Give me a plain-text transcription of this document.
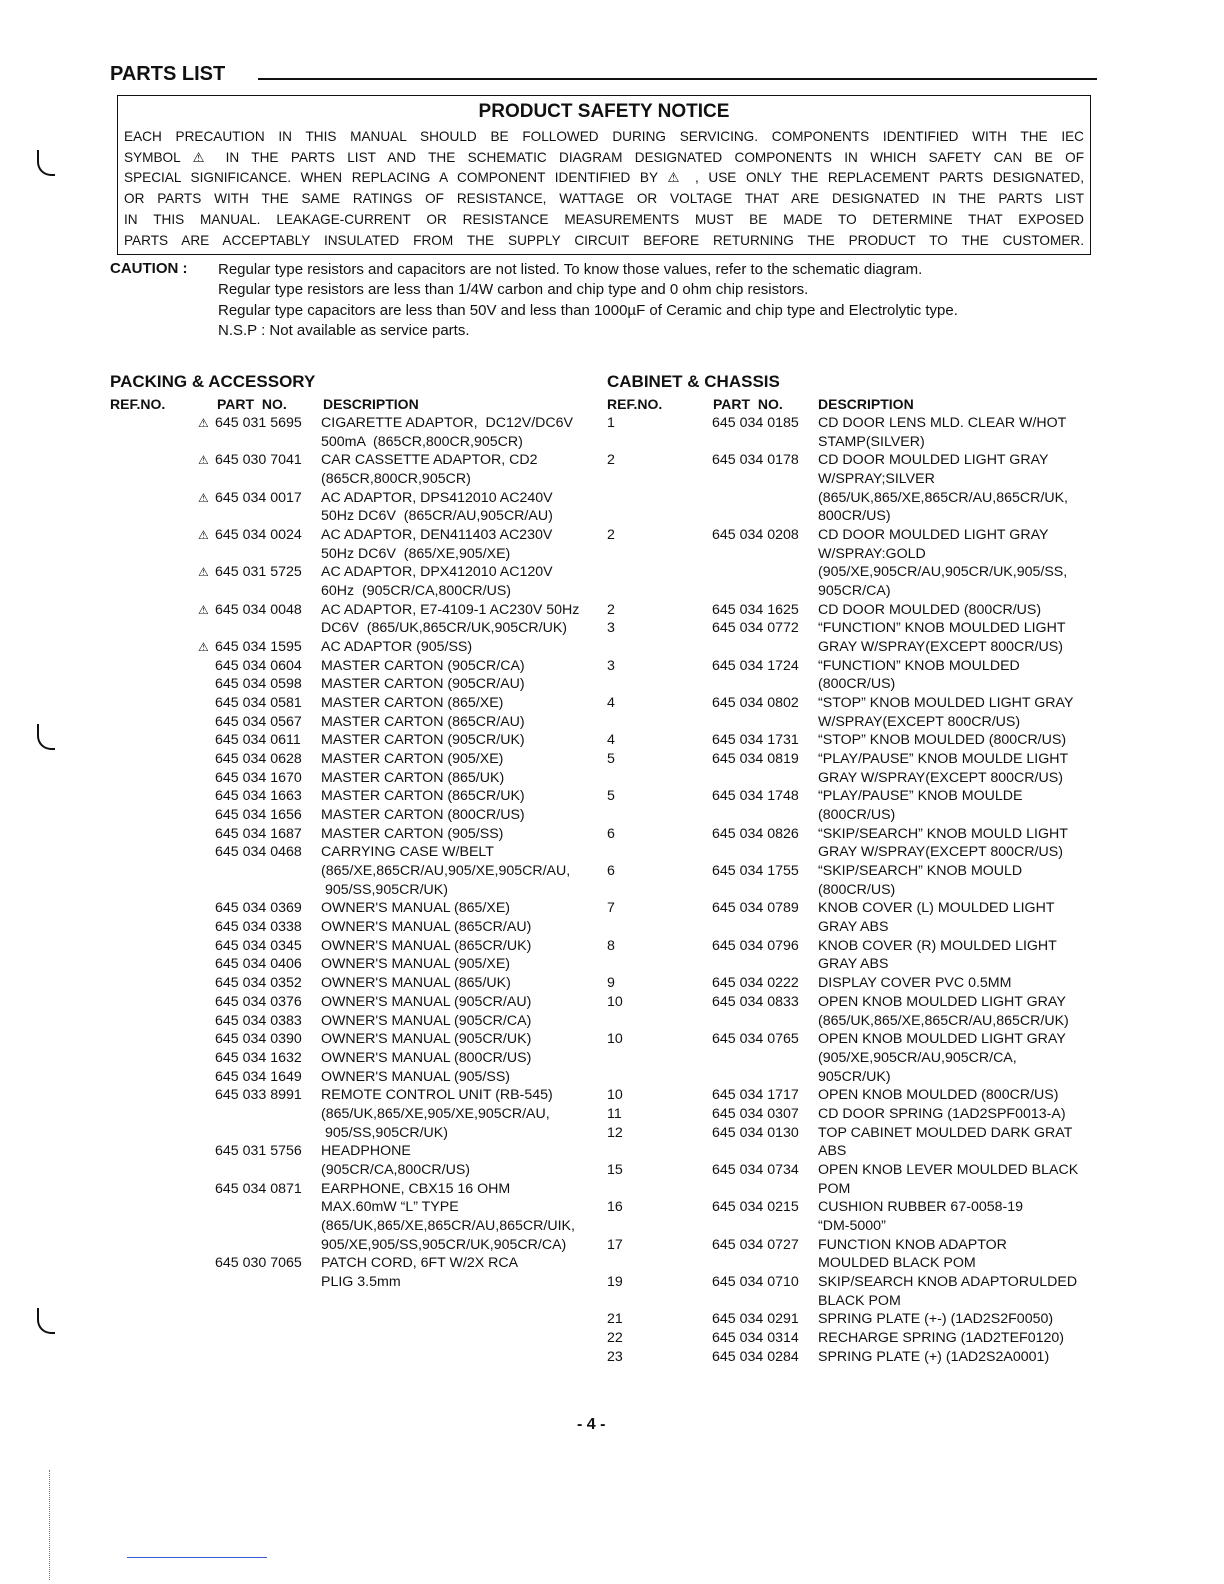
PARTS LIST
PRODUCT SAFETY NOTICE
EACH PRECAUTION IN THIS MANUAL SHOULD BE FOLLOWED DURING SERVICING. COMPONENTS IDENTIFIED WITH THE IEC
SYMBOL ⚠ IN THE PARTS LIST AND THE SCHEMATIC DIAGRAM DESIGNATED COMPONENTS IN WHICH SAFETY CAN BE OF
SPECIAL SIGNIFICANCE. WHEN REPLACING A COMPONENT IDENTIFIED BY ⚠ , USE ONLY THE REPLACEMENT PARTS DESIGNATED,
OR PARTS WITH THE SAME RATINGS OF RESISTANCE, WATTAGE OR VOLTAGE THAT ARE DESIGNATED IN THE PARTS LIST
IN THIS MANUAL. LEAKAGE-CURRENT OR RESISTANCE MEASUREMENTS MUST BE MADE TO DETERMINE THAT EXPOSED
PARTS ARE ACCEPTABLY INSULATED FROM THE SUPPLY CIRCUIT BEFORE RETURNING THE PRODUCT TO THE CUSTOMER.
CAUTION : Regular type resistors and capacitors are not listed. To know those values, refer to the schematic diagram.
Regular type resistors are less than 1/4W carbon and chip type and 0 ohm chip resistors.
Regular type capacitors are less than 50V and less than 1000µF of Ceramic and chip type and Electrolytic type.
N.S.P : Not available as service parts.
PACKING & ACCESSORY
REF.NO.	PART  NO.	DESCRIPTION
⚠ 645 031 5695 CIGARETTE ADAPTOR,  DC12V/DC6V
500mA  (865CR,800CR,905CR)
⚠ 645 030 7041 CAR CASSETTE ADAPTOR, CD2
(865CR,800CR,905CR)
⚠ 645 034 0017 AC ADAPTOR, DPS412010 AC240V
50Hz DC6V  (865CR/AU,905CR/AU)
⚠ 645 034 0024 AC ADAPTOR, DEN411403 AC230V
50Hz DC6V  (865/XE,905/XE)
⚠ 645 031 5725 AC ADAPTOR, DPX412010 AC120V
60Hz  (905CR/CA,800CR/US)
⚠ 645 034 0048 AC ADAPTOR, E7-4109-1 AC230V 50Hz
DC6V  (865/UK,865CR/UK,905CR/UK)
⚠ 645 034 1595 AC ADAPTOR (905/SS)
645 034 0604 MASTER CARTON (905CR/CA)
645 034 0598 MASTER CARTON (905CR/AU)
645 034 0581 MASTER CARTON (865/XE)
645 034 0567 MASTER CARTON (865CR/AU)
645 034 0611 MASTER CARTON (905CR/UK)
645 034 0628 MASTER CARTON (905/XE)
645 034 1670 MASTER CARTON (865/UK)
645 034 1663 MASTER CARTON (865CR/UK)
645 034 1656 MASTER CARTON (800CR/US)
645 034 1687 MASTER CARTON (905/SS)
645 034 0468 CARRYING CASE W/BELT
(865/XE,865CR/AU,905/XE,905CR/AU,
905/SS,905CR/UK)
645 034 0369 OWNER'S MANUAL (865/XE)
645 034 0338 OWNER'S MANUAL (865CR/AU)
645 034 0345 OWNER'S MANUAL (865CR/UK)
645 034 0406 OWNER'S MANUAL (905/XE)
645 034 0352 OWNER'S MANUAL (865/UK)
645 034 0376 OWNER'S MANUAL (905CR/AU)
645 034 0383 OWNER'S MANUAL (905CR/CA)
645 034 0390 OWNER'S MANUAL (905CR/UK)
645 034 1632 OWNER'S MANUAL (800CR/US)
645 034 1649 OWNER'S MANUAL (905/SS)
645 033 8991 REMOTE CONTROL UNIT (RB-545)
(865/UK,865/XE,905/XE,905CR/AU,
905/SS,905CR/UK)
645 031 5756 HEADPHONE
(905CR/CA,800CR/US)
645 034 0871 EARPHONE, CBX15 16 OHM
MAX.60mW “L” TYPE
(865/UK,865/XE,865CR/AU,865CR/UIK,
905/XE,905/SS,905CR/UK,905CR/CA)
645 030 7065 PATCH CORD, 6FT W/2X RCA
PLIG 3.5mm
CABINET & CHASSIS
REF.NO.	PART  NO.	DESCRIPTION
1	645 034 0185 CD DOOR LENS MLD. CLEAR W/HOT
STAMP(SILVER)
2	645 034 0178 CD DOOR MOULDED LIGHT GRAY
W/SPRAY;SILVER
(865/UK,865/XE,865CR/AU,865CR/UK,
800CR/US)
2	645 034 0208 CD DOOR MOULDED LIGHT GRAY
W/SPRAY:GOLD
(905/XE,905CR/AU,905CR/UK,905/SS,
905CR/CA)
2	645 034 1625 CD DOOR MOULDED (800CR/US)
3	645 034 0772 “FUNCTION” KNOB MOULDED LIGHT
GRAY W/SPRAY(EXCEPT 800CR/US)
3	645 034 1724 “FUNCTION” KNOB MOULDED
(800CR/US)
4	645 034 0802 “STOP” KNOB MOULDED LIGHT GRAY
W/SPRAY(EXCEPT 800CR/US)
4	645 034 1731 “STOP” KNOB MOULDED (800CR/US)
5	645 034 0819 “PLAY/PAUSE” KNOB MOULDE LIGHT
GRAY W/SPRAY(EXCEPT 800CR/US)
5	645 034 1748 “PLAY/PAUSE” KNOB MOULDE
(800CR/US)
6	645 034 0826 “SKIP/SEARCH” KNOB MOULD LIGHT
GRAY W/SPRAY(EXCEPT 800CR/US)
6	645 034 1755 “SKIP/SEARCH” KNOB MOULD
(800CR/US)
7	645 034 0789 KNOB COVER (L) MOULDED LIGHT
GRAY ABS
8	645 034 0796 KNOB COVER (R) MOULDED LIGHT
GRAY ABS
9	645 034 0222 DISPLAY COVER PVC 0.5MM
10	645 034 0833 OPEN KNOB MOULDED LIGHT GRAY
(865/UK,865/XE,865CR/AU,865CR/UK)
10	645 034 0765 OPEN KNOB MOULDED LIGHT GRAY
(905/XE,905CR/AU,905CR/CA,
905CR/UK)
10	645 034 1717 OPEN KNOB MOULDED (800CR/US)
11	645 034 0307 CD DOOR SPRING (1AD2SPF0013-A)
12	645 034 0130 TOP CABINET MOULDED DARK GRAT
ABS
15	645 034 0734 OPEN KNOB LEVER MOULDED BLACK
POM
16	645 034 0215 CUSHION RUBBER 67-0058-19
“DM-5000”
17	645 034 0727 FUNCTION KNOB ADAPTOR
MOULDED BLACK POM
19	645 034 0710 SKIP/SEARCH KNOB ADAPTORULDED
BLACK POM
21	645 034 0291 SPRING PLATE (+-) (1AD2S2F0050)
22	645 034 0314 RECHARGE SPRING (1AD2TEF0120)
23	645 034 0284 SPRING PLATE (+) (1AD2S2A0001)
- 4 -
